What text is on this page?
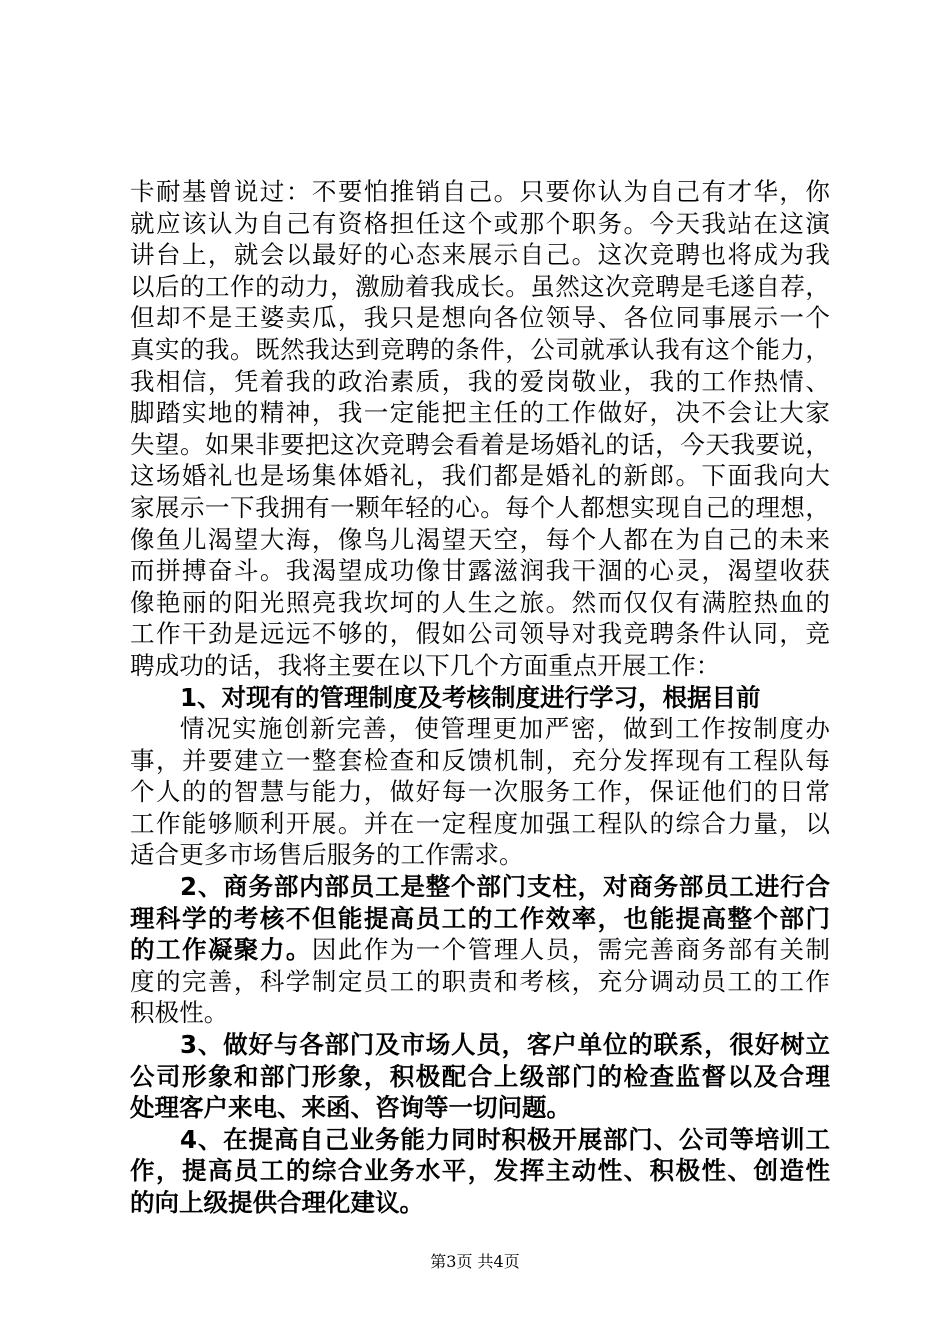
卡耐基曾说过：不要怕推销自己。只要你认为自己有才华，你
就应该认为自己有资格担任这个或那个职务。今天我站在这演
讲台上，就会以最好的心态来展示自己。这次竞聘也将成为我
以后的工作的动力，激励着我成长。虽然这次竞聘是毛遂自荐，
但却不是王婆卖瓜，我只是想向各位领导、各位同事展示一个
真实的我。既然我达到竞聘的条件，公司就承认我有这个能力，
我相信，凭着我的政治素质，我的爱岗敬业，我的工作热情、
脚踏实地的精神，我一定能把主任的工作做好，决不会让大家
失望。如果非要把这次竞聘会看着是场婚礼的话，今天我要说，
这场婚礼也是场集体婚礼，我们都是婚礼的新郎。下面我向大
家展示一下我拥有一颗年轻的心。每个人都想实现自己的理想，
像鱼儿渴望大海，像鸟儿渴望天空，每个人都在为自己的未来
而拼搏奋斗。我渴望成功像甘露滋润我干涸的心灵，渴望收获
像艳丽的阳光照亮我坎坷的人生之旅。然而仅仅有满腔热血的
工作干劲是远远不够的，假如公司领导对我竞聘条件认同，竞
聘成功的话，我将主要在以下几个方面重点开展工作：
1、对现有的管理制度及考核制度进行学习，根据目前
情况实施创新完善，使管理更加严密，做到工作按制度办
事，并要建立一整套检查和反馈机制，充分发挥现有工程队每
个人的的智慧与能力，做好每一次服务工作，保证他们的日常
工作能够顺利开展。并在一定程度加强工程队的综合力量，以
适合更多市场售后服务的工作需求。
2、商务部内部员工是整个部门支柱，对商务部员工进行合
理科学的考核不但能提高员工的工作效率，也能提高整个部门
的工作凝聚力。因此作为一个管理人员，需完善商务部有关制
度的完善，科学制定员工的职责和考核，充分调动员工的工作
积极性。
3、做好与各部门及市场人员，客户单位的联系，很好树立
公司形象和部门形象，积极配合上级部门的检查监督以及合理
处理客户来电、来函、咨询等一切问题。
4、在提高自己业务能力同时积极开展部门、公司等培训工
作，提高员工的综合业务水平，发挥主动性、积极性、创造性
的向上级提供合理化建议。
第3页 共4页
